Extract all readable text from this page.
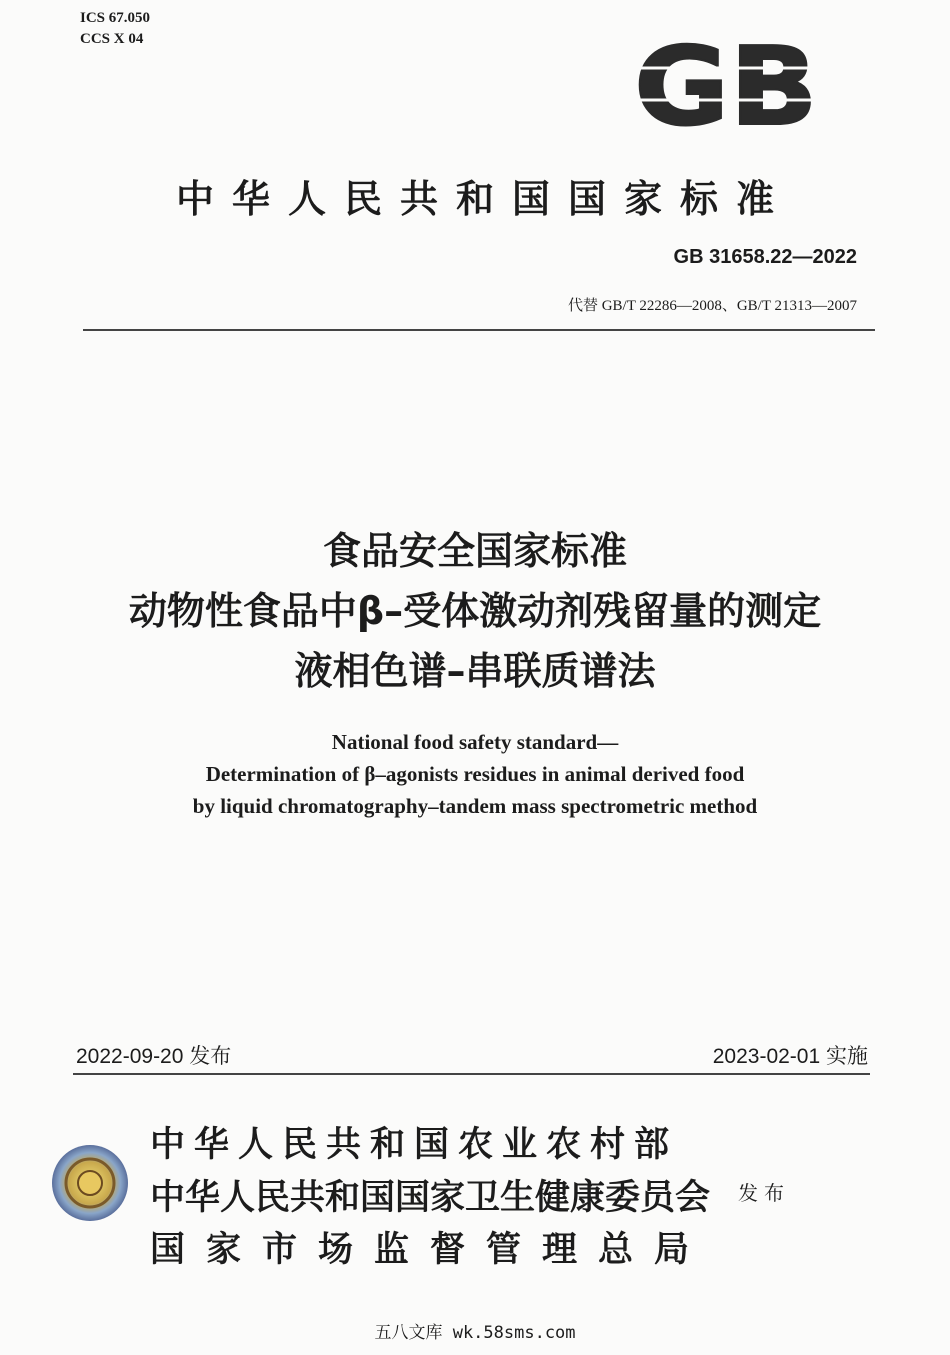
ICS 67.050
CCS X 04	GB
中华人民共和国国家标准
GB 31658.22—2022
代替 GB/T 22286—2008、GB/T 21313—2007
食品安全国家标准
动物性食品中β–受体激动剂残留量的测定
液相色谱–串联质谱法
National food safety standard—
Determination of β–agonists residues in animal derived food
by liquid chromatography–tandem mass spectrometric method
2022-09-20 发布	2023-02-01 实施
中华人民共和国农业农村部
中华人民共和国国家卫生健康委员会
国家市场监督管理总局
发布
五八文库 wk.58sms.com
